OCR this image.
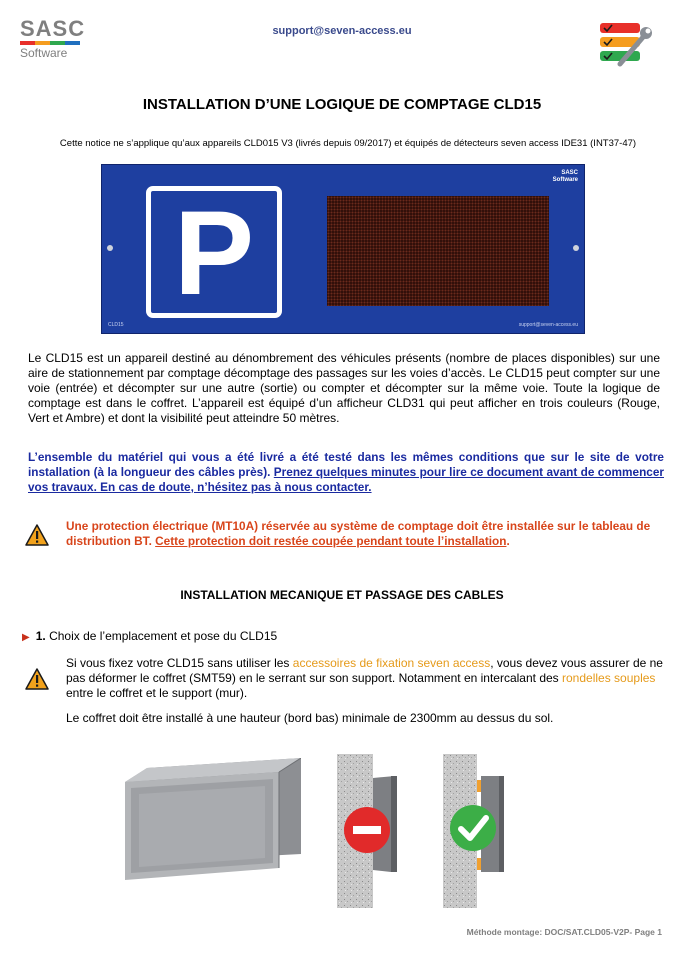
SASC
Software
support@seven-access.eu
INSTALLATION D’UNE LOGIQUE DE COMPTAGE CLD15
Cette notice ne s’applique qu’aux appareils CLD015 V3 (livrés depuis 09/2017) et équipés de détecteurs seven access IDE31 (INT37-47)
P
SASC
Software
CLD15	support@seven-access.eu
Le CLD15 est un appareil destiné au dénombrement des véhicules présents (nombre de places disponibles) sur une aire de stationnement par comptage décomptage des passages sur les voies d’accès. Le CLD15 peut compter sur une voie (entrée) et décompter sur une autre (sortie) ou compter et décompter sur la même voie. Toute la logique de comptage est dans le coffret. L’appareil est équipé d’un afficheur CLD31 qui peut afficher en trois couleurs (Rouge, Vert et Ambre) et dont la visibilité peut atteindre 50 mètres.
L’ensemble du matériel qui vous a été livré a été testé dans les mêmes conditions que sur le site de votre installation (à la longueur des câbles près). Prenez quelques minutes pour lire ce document avant de commencer vos travaux. En cas de doute, n’hésitez pas à nous contacter.
Une protection électrique (MT10A) réservée au système de comptage doit être installée sur le tableau de distribution BT. Cette protection doit restée coupée pendant toute l’installation.
INSTALLATION MECANIQUE ET PASSAGE DES CABLES
▶ 1. Choix de l’emplacement et pose du CLD15
Si vous fixez votre CLD15 sans utiliser les accessoires de fixation seven access, vous devez vous assurer de ne pas déformer le coffret (SMT59) en le serrant sur son support. Notamment en intercalant des rondelles souples entre le coffret et le support (mur).
Le coffret doit être installé à une hauteur (bord bas) minimale de 2300mm au dessus du sol.
Méthode montage: DOC/SAT.CLD05-V2P- Page 1
